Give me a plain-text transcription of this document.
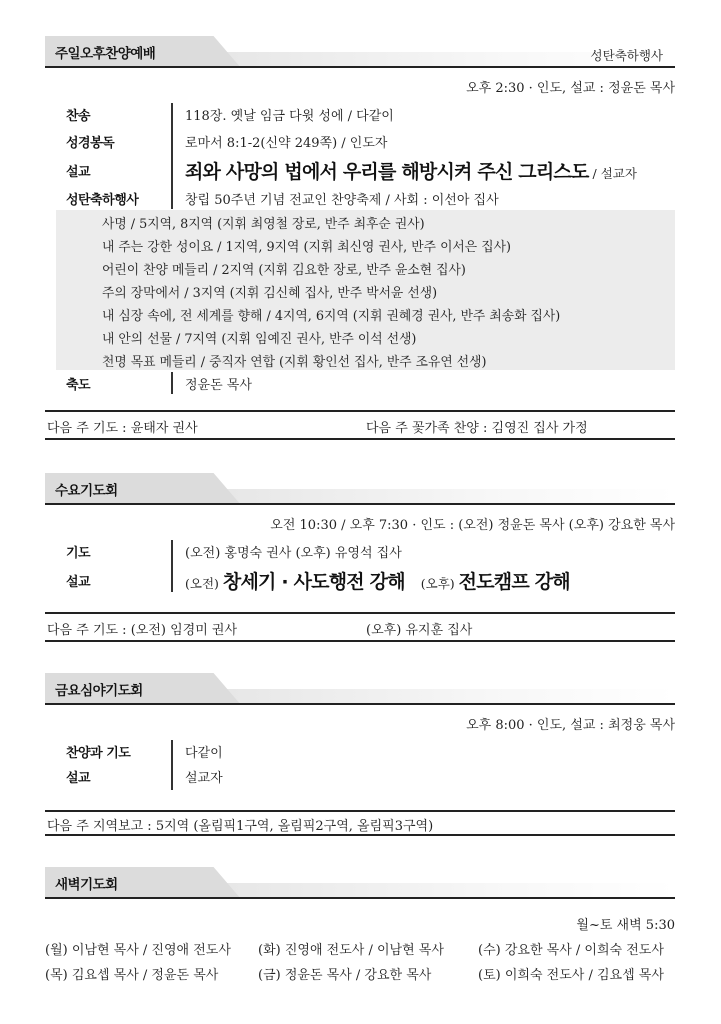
주일오후찬양예배	성탄축하행사
오후 2:30 · 인도, 설교 : 정윤돈 목사
찬송	118장. 옛날 임금 다윗 성에 / 다같이
성경봉독	로마서 8:1-2(신약 249쪽) / 인도자
설교	죄와 사망의 법에서 우리를 해방시켜 주신 그리스도 / 설교자
성탄축하행사	창립 50주년 기념 전교인 찬양축제 / 사회 : 이선아 집사
사명 / 5지역, 8지역 (지휘 최영철 장로, 반주 최후순 권사)
내 주는 강한 성이요 / 1지역, 9지역 (지휘 최신영 권사, 반주 이서은 집사)
어린이 찬양 메들리 / 2지역 (지휘 김요한 장로, 반주 윤소현 집사)
주의 장막에서 / 3지역 (지휘 김신혜 집사, 반주 박서윤 선생)
내 심장 속에, 전 세계를 향해 / 4지역, 6지역 (지휘 권혜경 권사, 반주 최송화 집사)
내 안의 선물 / 7지역 (지휘 임예진 권사, 반주 이석 선생)
천명 목표 메들리 / 중직자 연합 (지휘 황인선 집사, 반주 조유연 선생)
축도	정윤돈 목사
다음 주 기도 : 윤태자 권사	다음 주 꽃가족 찬양 : 김영진 집사 가정
수요기도회
오전 10:30 / 오후 7:30 · 인도 : (오전) 정윤돈 목사 (오후) 강요한 목사
기도	(오전) 홍명숙 권사 (오후) 유영석 집사
설교	(오전) 창세기 · 사도행전 강해 (오후) 전도캠프 강해
다음 주 기도 : (오전) 임경미 권사	(오후) 유지훈 집사
금요심야기도회
오후 8:00 · 인도, 설교 : 최정웅 목사
찬양과 기도	다같이
설교	설교자
다음 주 지역보고 : 5지역 (올림픽1구역, 올림픽2구역, 올림픽3구역)
새벽기도회
월~토 새벽 5:30
(월) 이남현 목사 / 진영애 전도사 (화) 진영애 전도사 / 이남현 목사	(수) 강요한 목사 / 이희숙 전도사
(목) 김요셉 목사 / 정윤돈 목사	(금) 정윤돈 목사 / 강요한 목사	(토) 이희숙 전도사 / 김요셉 목사
